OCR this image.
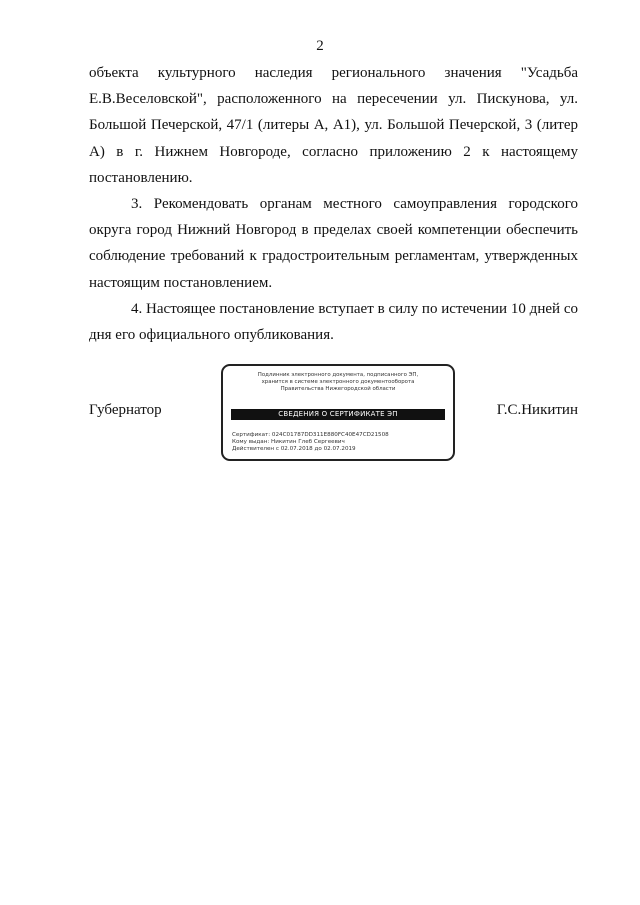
2

объекта культурного наследия регионального значения "Усадьба Е.В.Веселовской", расположенного на пересечении ул. Пискунова, ул. Большой Печерской, 47/1 (литеры А, А1), ул. Большой Печерской, 3 (литер А) в г. Нижнем Новгороде, согласно приложению 2 к настоящему постановлению.

3. Рекомендовать органам местного самоуправления городского округа город Нижний Новгород в пределах своей компетенции обеспечить соблюдение требований к градостроительным регламентам, утвержденных настоящим постановлением.

4. Настоящее постановление вступает в силу по истечении 10 дней со дня его официального опубликования.

Губернатор
Подлинник электронного документа, подписанного ЭП,
хранится в системе электронного документооборота
Правительства Нижегородской области
СВЕДЕНИЯ О СЕРТИФИКАТЕ ЭП
Сертификат: 024C01787DD311E880FC40E47CD21508
Кому выдан: Никитин Глеб Сергеевич
Действителен с 02.07.2018 до 02.07.2019
Г.С.Никитин
